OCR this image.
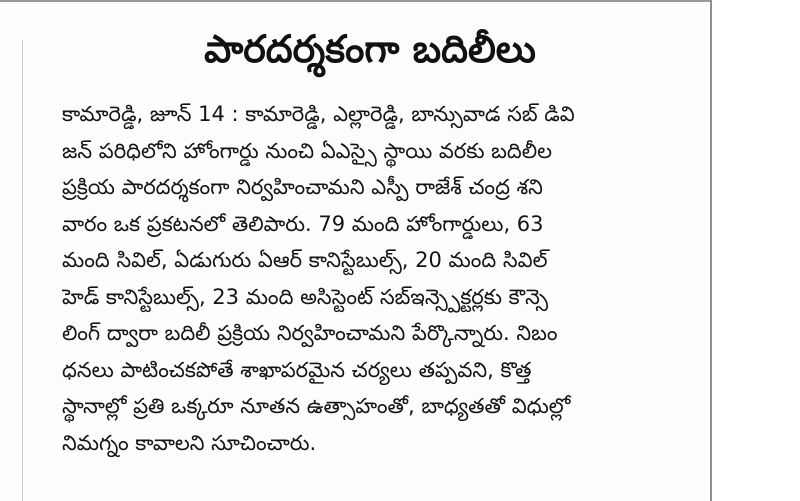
పారదర్శకంగా బదిలీలు
కామారెడ్డి, జూన్ 14 : కామారెడ్డి, ఎల్లారెడ్డి, బాన్సువాడ సబ్ డివి
జన్ పరిధిలోని హోంగార్డు నుంచి ఏఎస్సై స్థాయి వరకు బదిలీల
ప్రక్రియ పారదర్శకంగా నిర్వహించామని ఎస్పీ రాజేశ్ చంద్ర శని
వారం ఒక ప్రకటనలో తెలిపారు. 79 మంది హోంగార్డులు, 63
మంది సివిల్, ఏడుగురు ఏఆర్ కానిస్టేబుల్స్, 20 మంది సివిల్
హెడ్ కానిస్టేబుల్స్, 23 మంది అసిస్టెంట్ సబ్ఇన్స్పెక్టర్లకు కౌన్సె
లింగ్ ద్వారా బదిలీ ప్రక్రియ నిర్వహించామని పేర్కొన్నారు. నిబం
ధనలు పాటించకపోతే శాఖాపరమైన చర్యలు తప్పవని, కొత్త
స్థానాల్లో ప్రతి ఒక్కరూ నూతన ఉత్సాహంతో, బాధ్యతతో విధుల్లో
నిమగ్నం కావాలని సూచించారు.
